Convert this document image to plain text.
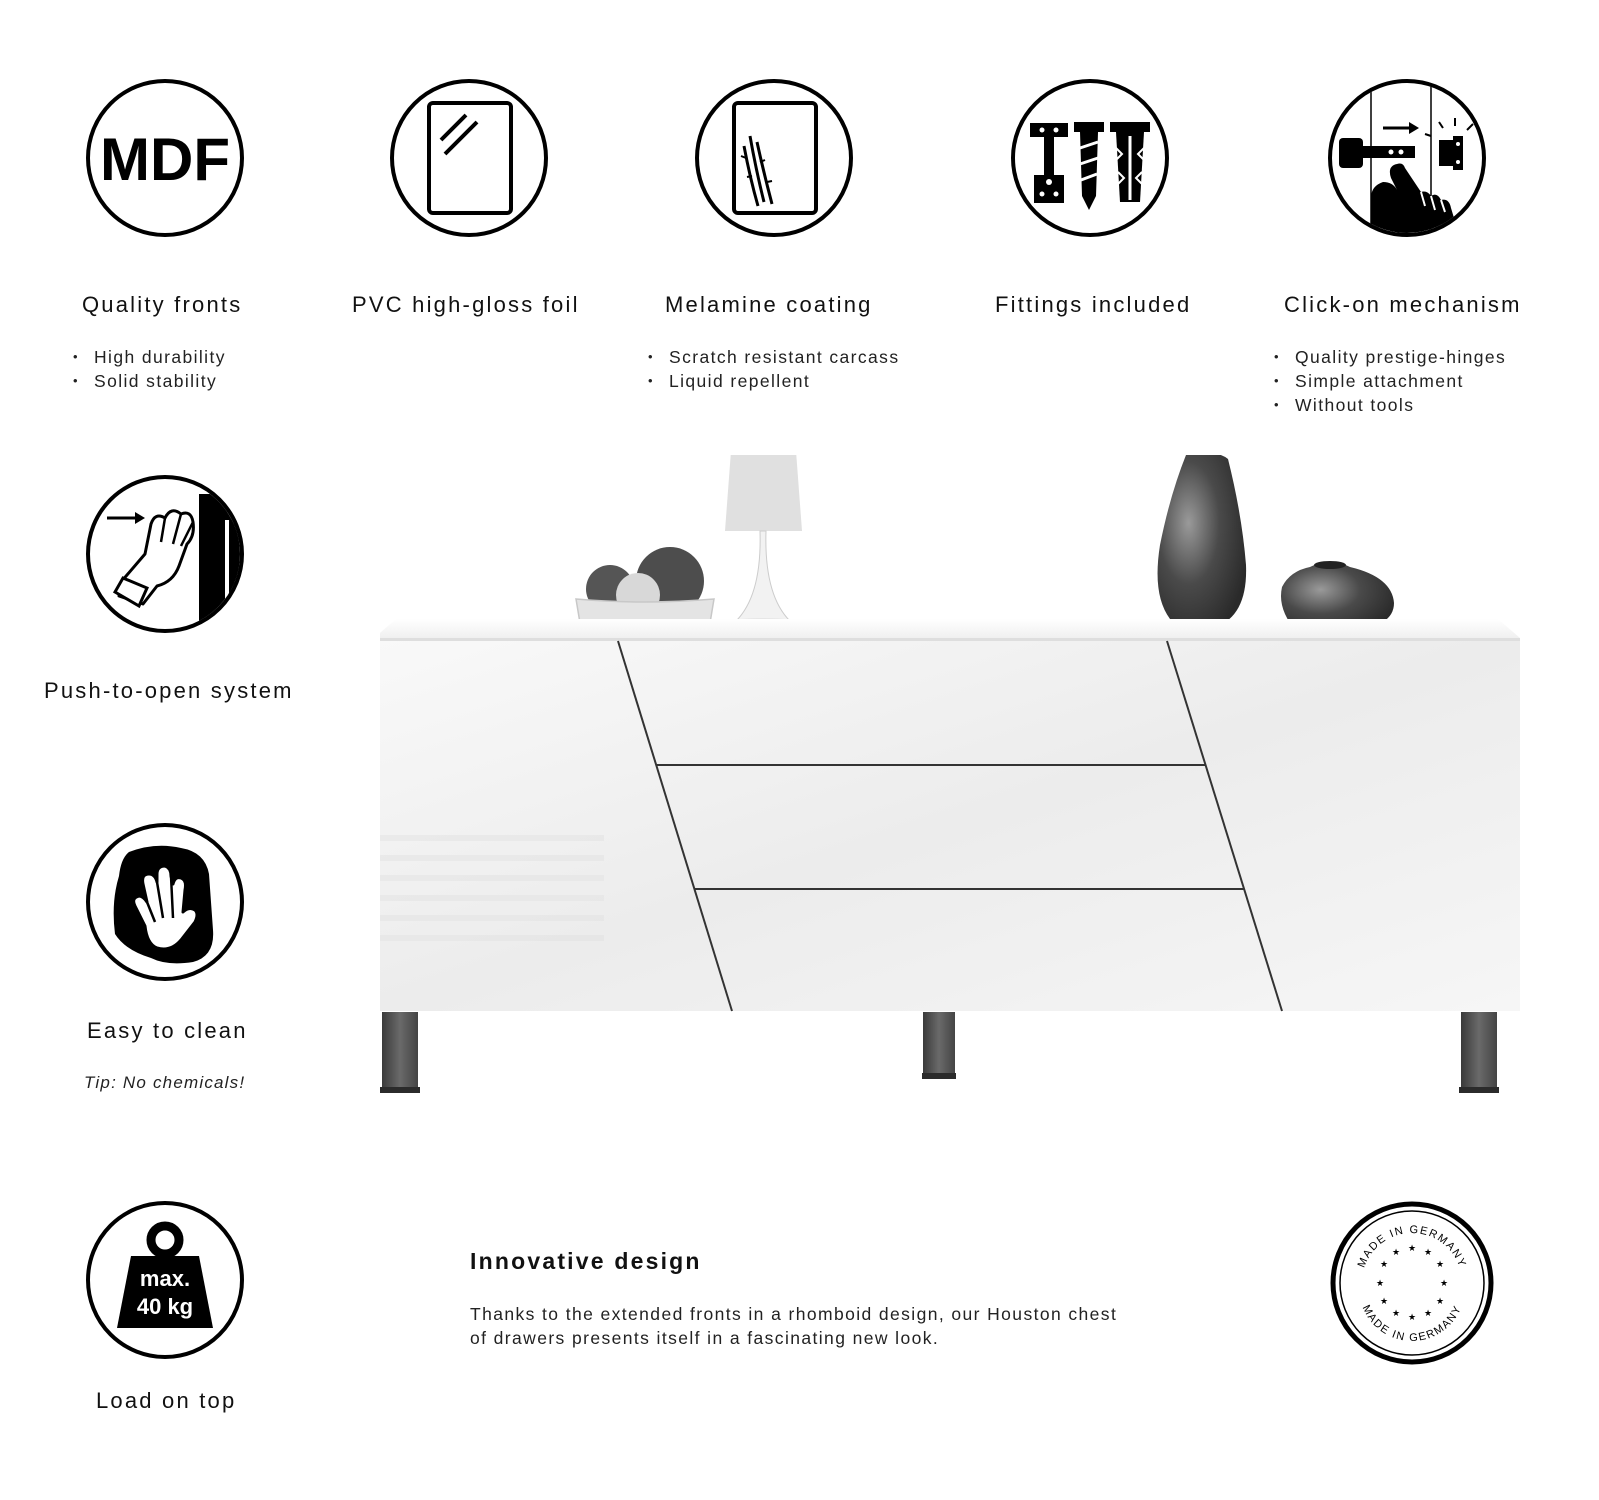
MDF
Quality fronts
• High durability
• Solid stability
PVC high-gloss foil	Melamine coating
• Scratch resistant carcass
• Liquid repellent
Fittings included	Click-on mechanism
• Quality prestige-hinges
• Simple attachment
• Without tools
Push-to-open system
Easy to clean
Tip: No chemicals!
max.
40 kg
Load on top
Innovative design
Thanks to the extended fronts in a rhomboid design, our Houston chest
of drawers presents itself in a fascinating new look.
MADE IN GERMANY
MADE IN GERMANY
★ ★
★
★
★
★
★
★
★
★
★
★
